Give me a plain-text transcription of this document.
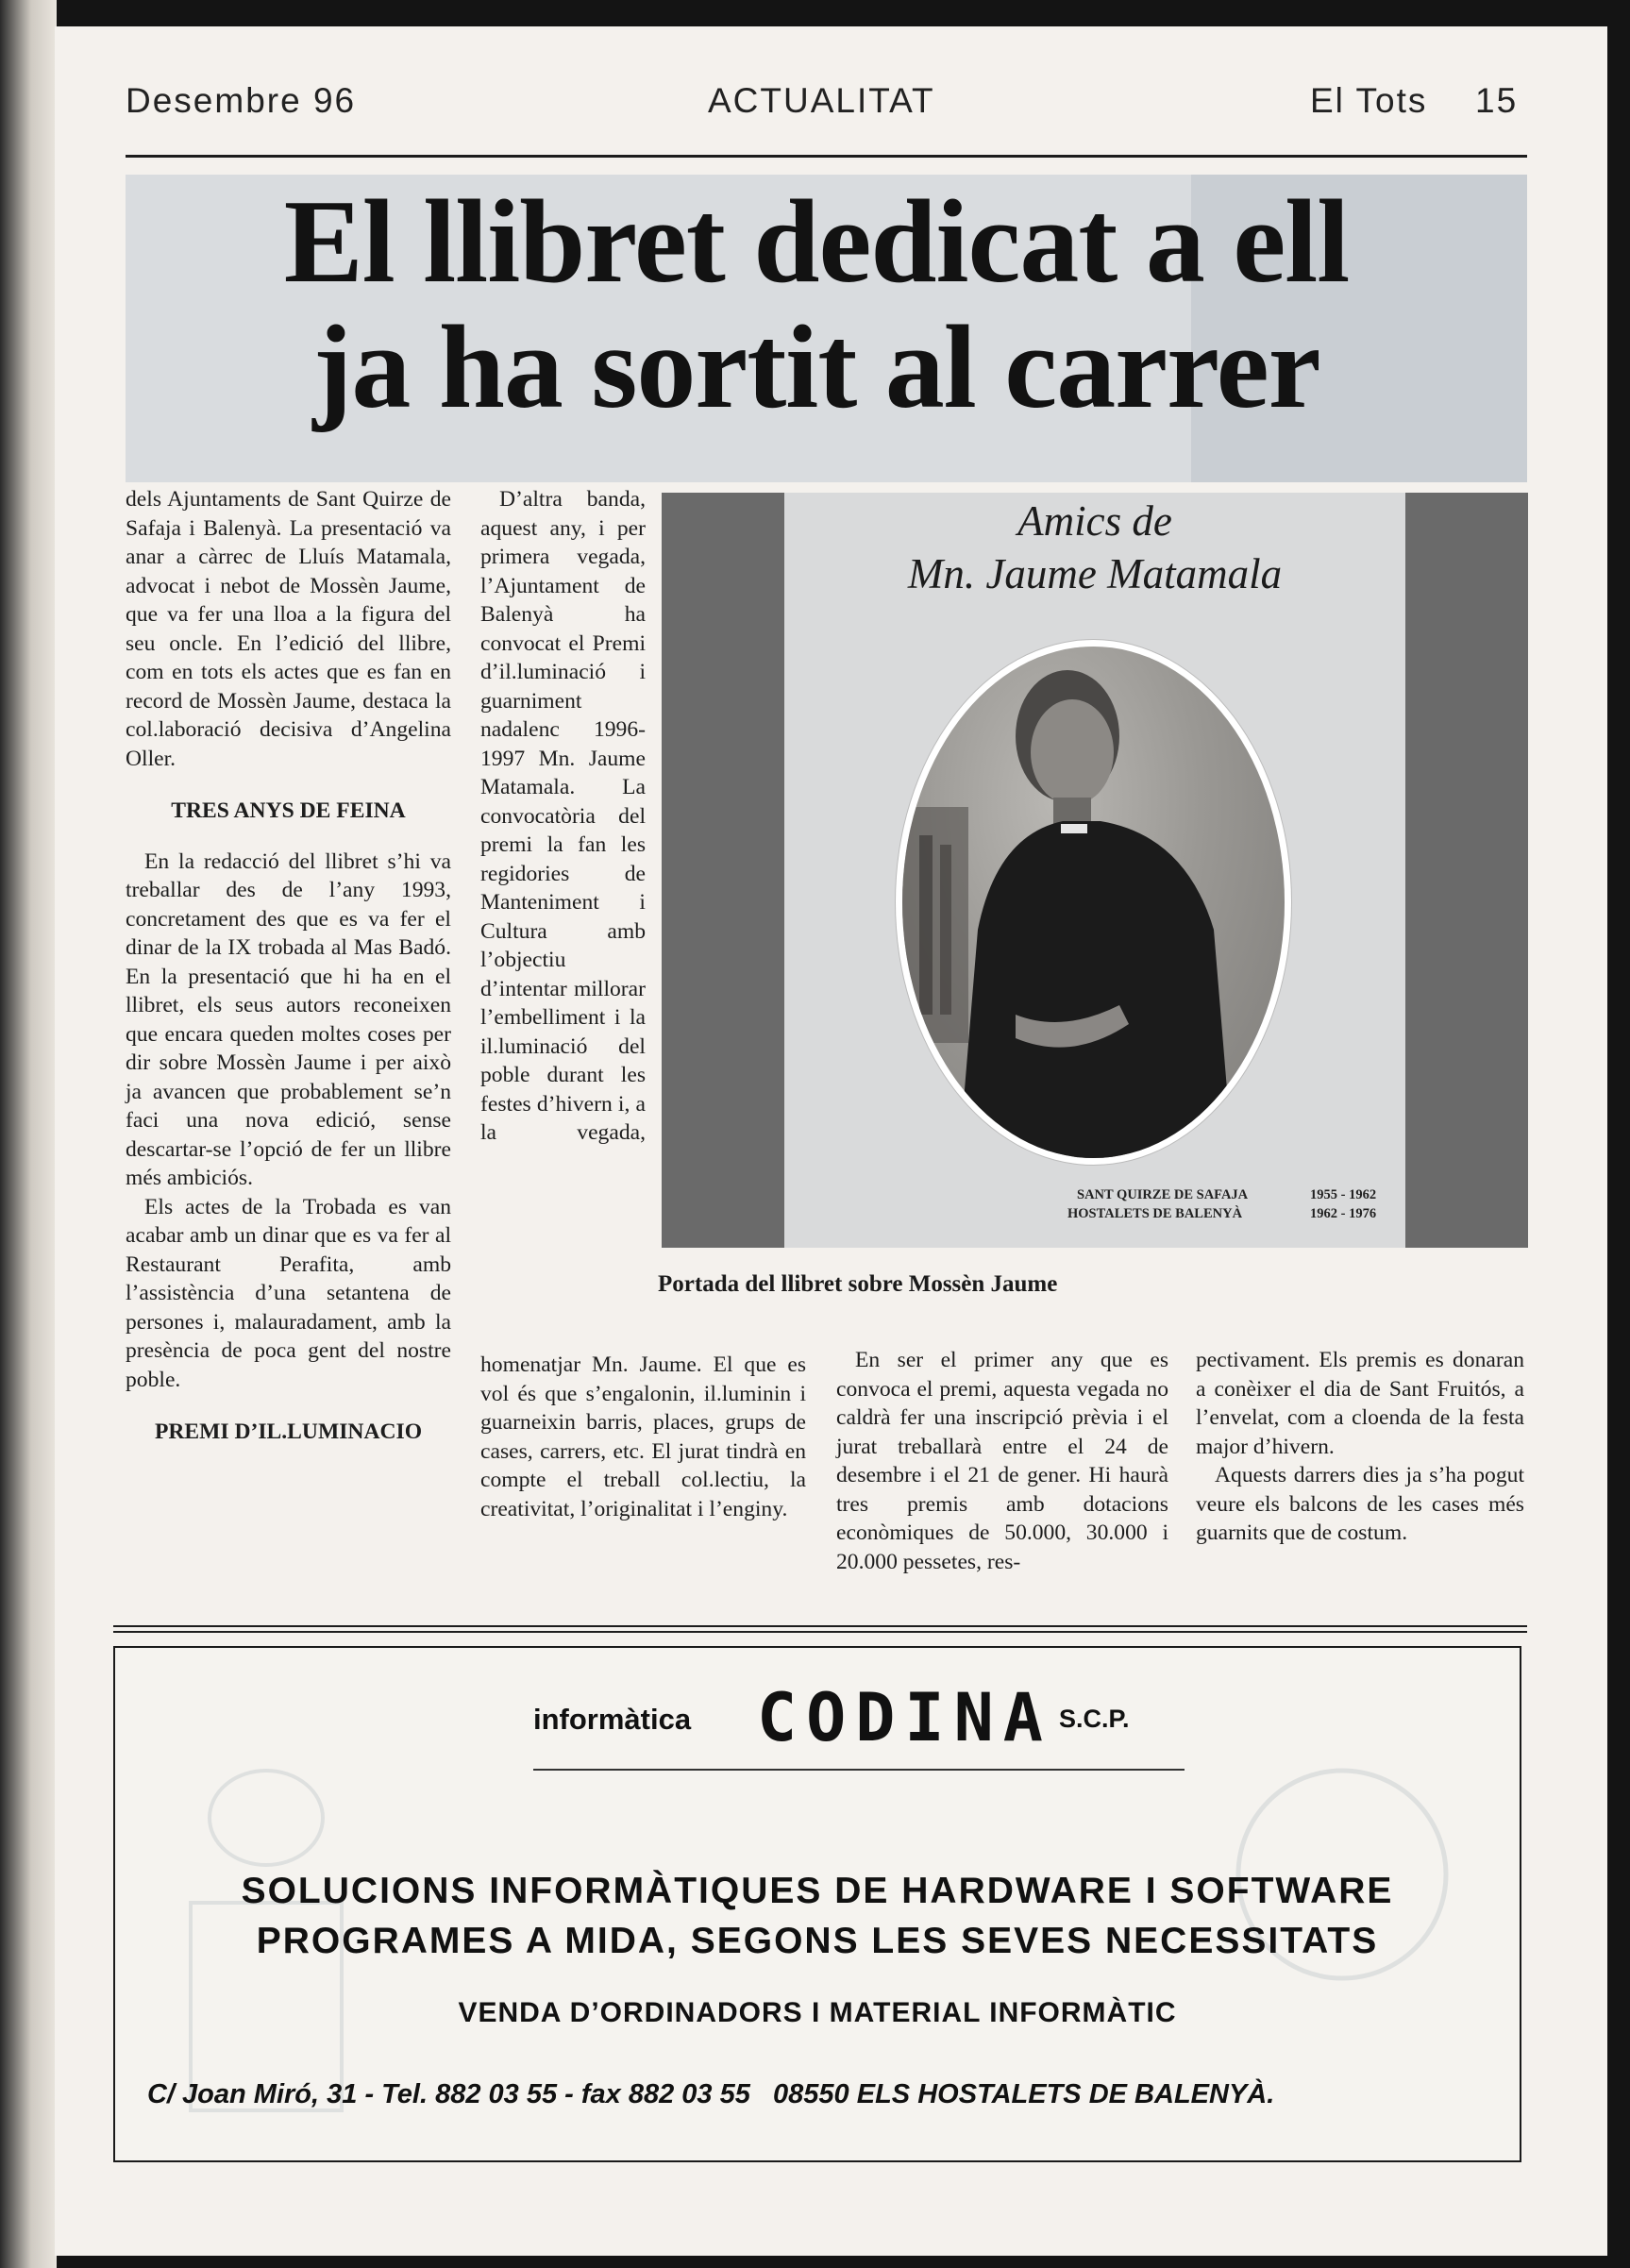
Desembre 96	ACTUALITAT	El Tots 15
El llibret dedicat a ell
ja ha sortit al carrer

dels Ajuntaments de Sant Quirze de Safaja i Balenyà. La presentació va anar a càrrec de Lluís Matamala, advocat i nebot de Mossèn Jaume, que va fer una lloa a la figura del seu oncle. En l’edició del llibre, com en tots els actes que es fan en record de Mossèn Jaume, destaca la col.laboració decisiva d’Angelina Oller.

TRES ANYS DE FEINA

En la redacció del llibret s’hi va treballar des de l’any 1993, concretament des que es va fer el dinar de la IX trobada al Mas Badó. En la presentació que hi ha en el llibret, els seus autors reconeixen que encara queden moltes coses per dir sobre Mossèn Jaume i per això ja avancen que probablement se’n faci una nova edició, sense descartar-se l’opció de fer un llibre més ambiciós.

Els actes de la Trobada es van acabar amb un dinar que es va fer al Restaurant Perafita, amb l’assistència d’una setantena de persones i, malauradament, amb la presència de poca gent del nostre poble.

PREMI D’IL.LUMINACIO

D’altra banda, aquest any, i per primera vegada, l’Ajuntament de Balenyà ha convocat el Premi d’il.luminació i guarniment nadalenc 1996-1997 Mn. Jaume Matamala. La convocatòria del premi la fan les regidories de Manteniment i Cultura amb l’objectiu d’intentar millorar l’embelliment i la il.luminació del poble durant les festes d’hivern i, a la vegada,

homenatjar Mn. Jaume. El que es vol és que s’engalonin, il.luminin i guarneixin barris, places, grups de cases, carrers, etc. El jurat tindrà en compte el treball col.lectiu, la creativitat, l’originalitat i l’enginy.

Amics de
Mn. Jaume Matamala
SANT QUIRZE DE SAFAJA	1955 - 1962
HOSTALETS DE BALENYÀ	1962 - 1976
Portada del llibret sobre Mossèn Jaume

En ser el primer any que es convoca el premi, aquesta vegada no caldrà fer una inscripció prèvia i el jurat treballarà entre el 24 de desembre i el 21 de gener. Hi haurà tres premis amb dotacions econòmiques de 50.000, 30.000 i 20.000 pessetes, res-

pectivament. Els premis es donaran a conèixer el dia de Sant Fruitós, a l’envelat, com a cloenda de la festa major d’hivern.

Aquests darrers dies ja s’ha pogut veure els balcons de les cases més guarnits que de costum.

informàtica CODINA S.C.P.
SOLUCIONS INFORMÀTIQUES DE HARDWARE I SOFTWARE
PROGRAMES A MIDA, SEGONS LES SEVES NECESSITATS
VENDA D’ORDINADORS I MATERIAL INFORMÀTIC
C/ Joan Miró, 31 - Tel. 882 03 55 - fax 882 03 55   08550 ELS HOSTALETS DE BALENYÀ.
